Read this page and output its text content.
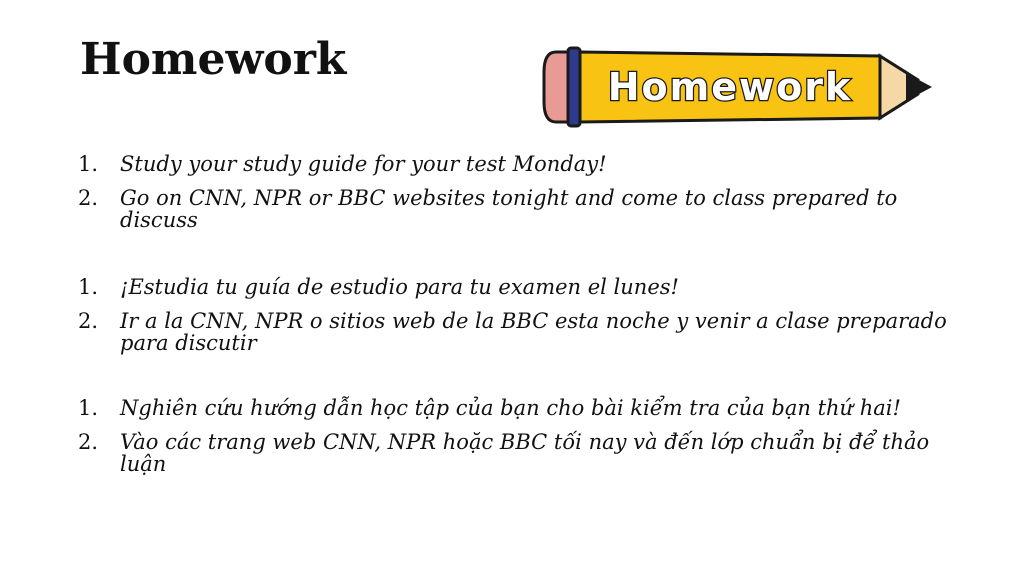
Homework
Homework
1.	Study your study guide for your test Monday!
2.	Go on CNN, NPR or BBC websites tonight and come to class prepared to discuss
1.	¡Estudia tu guía de estudio para tu examen el lunes!
2.	Ir a la CNN, NPR o sitios web de la BBC esta noche y venir a clase preparado para discutir
1.	Nghiên cứu hướng dẫn học tập của bạn cho bài kiểm tra của bạn thứ hai!
2.	Vào các trang web CNN, NPR hoặc BBC tối nay và đến lớp chuẩn bị để thảo luận
